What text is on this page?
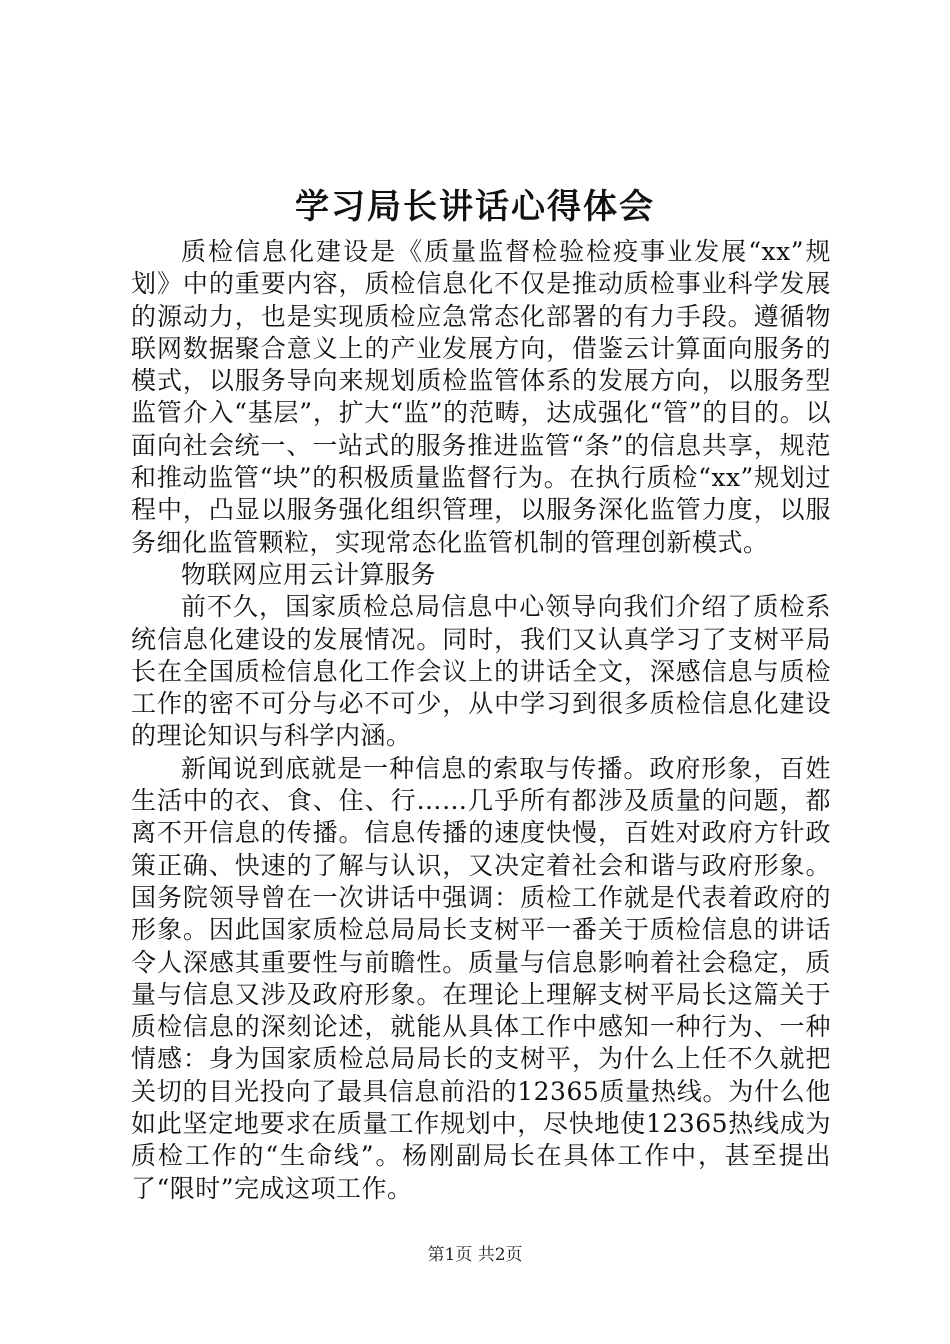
学习局长讲话心得体会

质检信息化建设是《质量监督检验检疫事业发展“xx”规划》中的重要内容，质检信息化不仅是推动质检事业科学发展的源动力，也是实现质检应急常态化部署的有力手段。遵循物联网数据聚合意义上的产业发展方向，借鉴云计算面向服务的模式，以服务导向来规划质检监管体系的发展方向，以服务型监管介入“基层”，扩大“监”的范畴，达成强化“管”的目的。以面向社会统一、一站式的服务推进监管“条”的信息共享，规范和推动监管“块”的积极质量监督行为。在执行质检“xx”规划过程中，凸显以服务强化组织管理，以服务深化监管力度，以服务细化监管颗粒，实现常态化监管机制的管理创新模式。

物联网应用云计算服务

前不久，国家质检总局信息中心领导向我们介绍了质检系统信息化建设的发展情况。同时，我们又认真学习了支树平局长在全国质检信息化工作会议上的讲话全文，深感信息与质检工作的密不可分与必不可少，从中学习到很多质检信息化建设的理论知识与科学内涵。

新闻说到底就是一种信息的索取与传播。政府形象，百姓生活中的衣、食、住、行……几乎所有都涉及质量的问题，都离不开信息的传播。信息传播的速度快慢，百姓对政府方针政策正确、快速的了解与认识，又决定着社会和谐与政府形象。国务院领导曾在一次讲话中强调：质检工作就是代表着政府的形象。因此国家质检总局局长支树平一番关于质检信息的讲话令人深感其重要性与前瞻性。质量与信息影响着社会稳定，质量与信息又涉及政府形象。在理论上理解支树平局长这篇关于质检信息的深刻论述，就能从具体工作中感知一种行为、一种情感：身为国家质检总局局长的支树平，为什么上任不久就把关切的目光投向了最具信息前沿的12365质量热线。为什么他如此坚定地要求在质量工作规划中，尽快地使12365热线成为质检工作的“生命线”。杨刚副局长在具体工作中，甚至提出了“限时”完成这项工作。

第1页 共2页
